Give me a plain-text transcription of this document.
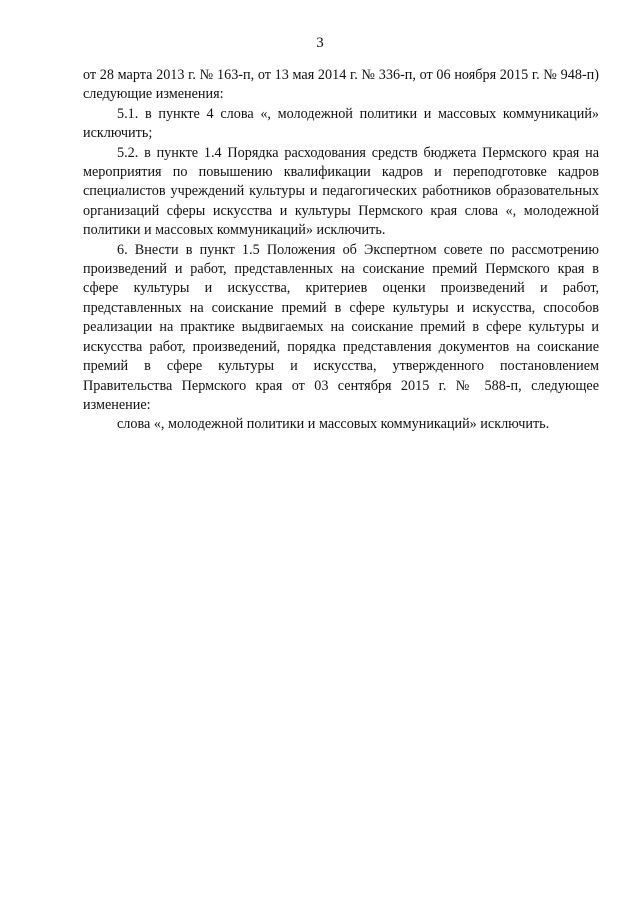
3

от 28 марта 2013 г. № 163-п, от 13 мая 2014 г. № 336-п, от 06 ноября 2015 г. № 948-п) следующие изменения:

5.1. в пункте 4 слова «, молодежной политики и массовых коммуникаций» исключить;

5.2. в пункте 1.4 Порядка расходования средств бюджета Пермского края на мероприятия по повышению квалификации кадров и переподготовке кадров специалистов учреждений культуры и педагогических работников образовательных организаций сферы искусства и культуры Пермского края слова «, молодежной политики и массовых коммуникаций» исключить.

6. Внести в пункт 1.5 Положения об Экспертном совете по рассмотрению произведений и работ, представленных на соискание премий Пермского края в сфере культуры и искусства, критериев оценки произведений и работ, представленных на соискание премий в сфере культуры и искусства, способов реализации на практике выдвигаемых на соискание премий в сфере культуры и искусства работ, произведений, порядка представления документов на соискание премий в сфере культуры и искусства, утвержденного постановлением Правительства Пермского края от 03 сентября 2015 г. № 588-п, следующее изменение:

слова «, молодежной политики и массовых коммуникаций» исключить.
